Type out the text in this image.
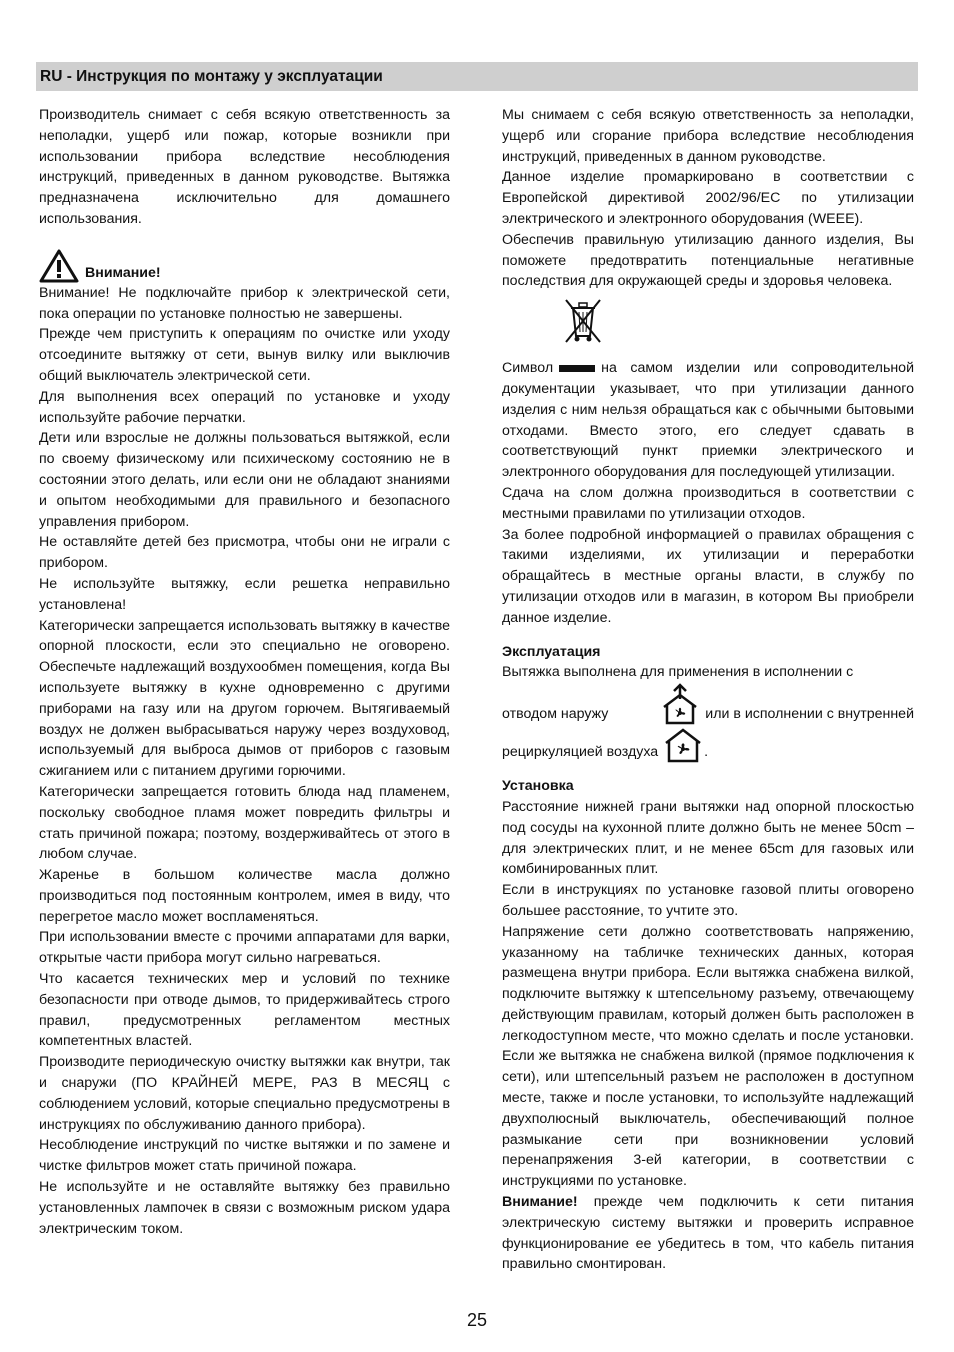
RU - Инструкция по монтажу у эксплуатации

Производитель снимает с себя всякую ответственность за неполадки, ущерб или пожар, которые возникли при использовании прибора вследствие несоблюдения инструкций, приведенных в данном руководстве. Вытяжка предназначена исключительно для домашнего использования.

Внимание!

Внимание! Не подключайте прибор к электрической сети, пока операции по установке полностью не завершены.

Прежде чем приступить к операциям по очистке или уходу отсоедините вытяжку от сети, вынув вилку или выключив общий выключатель электрической сети.

Для выполнения всех операций по установке и уходу используйте рабочие перчатки.

Дети или взрослые не должны пользоваться вытяжкой, если по своему физическому или психическому состоянию не в состоянии этого делать, или если они не обладают знаниями и опытом необходимыми для правильного и безопасного управления прибором.

Не оставляйте детей без присмотра, чтобы они не играли с прибором.

Не используйте вытяжку, если решетка неправильно установлена!

Категорически запрещается использовать вытяжку в качестве опорной плоскости, если это специально не оговорено. Обеспечьте надлежащий воздухообмен помещения, когда Вы используете вытяжку в кухне одновременно с другими приборами на газу или на другом горючем. Вытягиваемый воздух не должен выбрасываться наружу через воздуховод, используемый для выброса дымов от приборов с газовым сжиганием или с питанием другими горючими.

Категорически запрещается готовить блюда над пламенем, поскольку свободное пламя может повредить фильтры и стать причиной пожара; поэтому, воздерживайтесь от этого в любом случае.

Жаренье в большом количестве масла должно производиться под постоянным контролем, имея в виду, что перегретое масло может воспламеняться.

При использовании вместе с прочими аппаратами для варки, открытые части прибора могут сильно нагреваться.

Что касается технических мер и условий по технике безопасности при отводе дымов, то придерживайтесь строго правил, предусмотренных регламентом местных компетентных властей.

Производите периодическую очистку вытяжки как внутри, так и снаружи (ПО КРАЙНЕЙ МЕРЕ, РАЗ В МЕСЯЦ с соблюдением условий, которые специально предусмотрены в инструкциях по обслуживанию данного прибора).

Несоблюдение инструкций по чистке вытяжки и по замене и чистке фильтров может стать причиной пожара.

Не используйте и не оставляйте вытяжку без правильно установленных лампочек в связи с возможным риском удара электрическим током.

Мы снимаем с себя всякую ответственность за неполадки, ущерб или сгорание прибора вследствие несоблюдения инструкций, приведенных в данном руководстве.

Данное изделие промаркировано в соответствии с Европейской директивой 2002/96/EC по утилизации электрического и электронного оборудования (WEEE).

Обеспечив правильную утилизацию данного изделия, Вы поможете предотвратить потенциальные негативные последствия для окружающей среды и здоровья человека.

Символ	на самом изделии или сопроводительной документации указывает, что при утилизации данного изделия с ним нельзя обращаться как с обычными бытовыми отходами. Вместо этого, его следует сдавать в соответствующий пункт приемки электрического и электронного оборудования для последующей утилизации.

Сдача на слом должна производиться в соответствии с местными правилами по утилизации отходов.

За более подробной информацией о правилах обращения с такими изделиями, их утилизации и переработки обращайтесь в местные органы власти, в службу по утилизации отходов или в магазин, в котором Вы приобрели данное изделие.

Эксплуатация

Вытяжка выполнена для применения в исполнении с

отводом наружу	или в исполнении с внутренней
рециркуляцией воздуха	.

Установка

Расстояние нижней грани вытяжки над опорной плоскостью под сосуды на кухонной плите должно быть не менее 50cm – для электрических плит, и не менее 65cm для газовых или комбинированных плит.

Если в инструкциях по установке газовой плиты оговорено большее расстояние, то учтите это.

Напряжение сети должно соответствовать напряжению, указанному на табличке технических данных, которая размещена внутри прибора. Если вытяжка снабжена вилкой, подключите вытяжку к штепсельному разъему, отвечающему действующим правилам, который должен быть расположен в легкодоступном месте, что можно сделать и после установки. Если же вытяжка не снабжена вилкой (прямое подключения к сети), или штепсельный разъем не расположен в доступном месте, также и после установки, то используйте надлежащий двухполюсный выключатель, обеспечивающий полное размыкание сети при возникновении условий перенапряжения 3-ей категории, в соответствии с инструкциями по установке.

Внимание! прежде чем подключить к сети питания электрическую систему вытяжки и проверить исправное функционирование ее убедитесь в том, что кабель питания правильно смонтирован.

25
